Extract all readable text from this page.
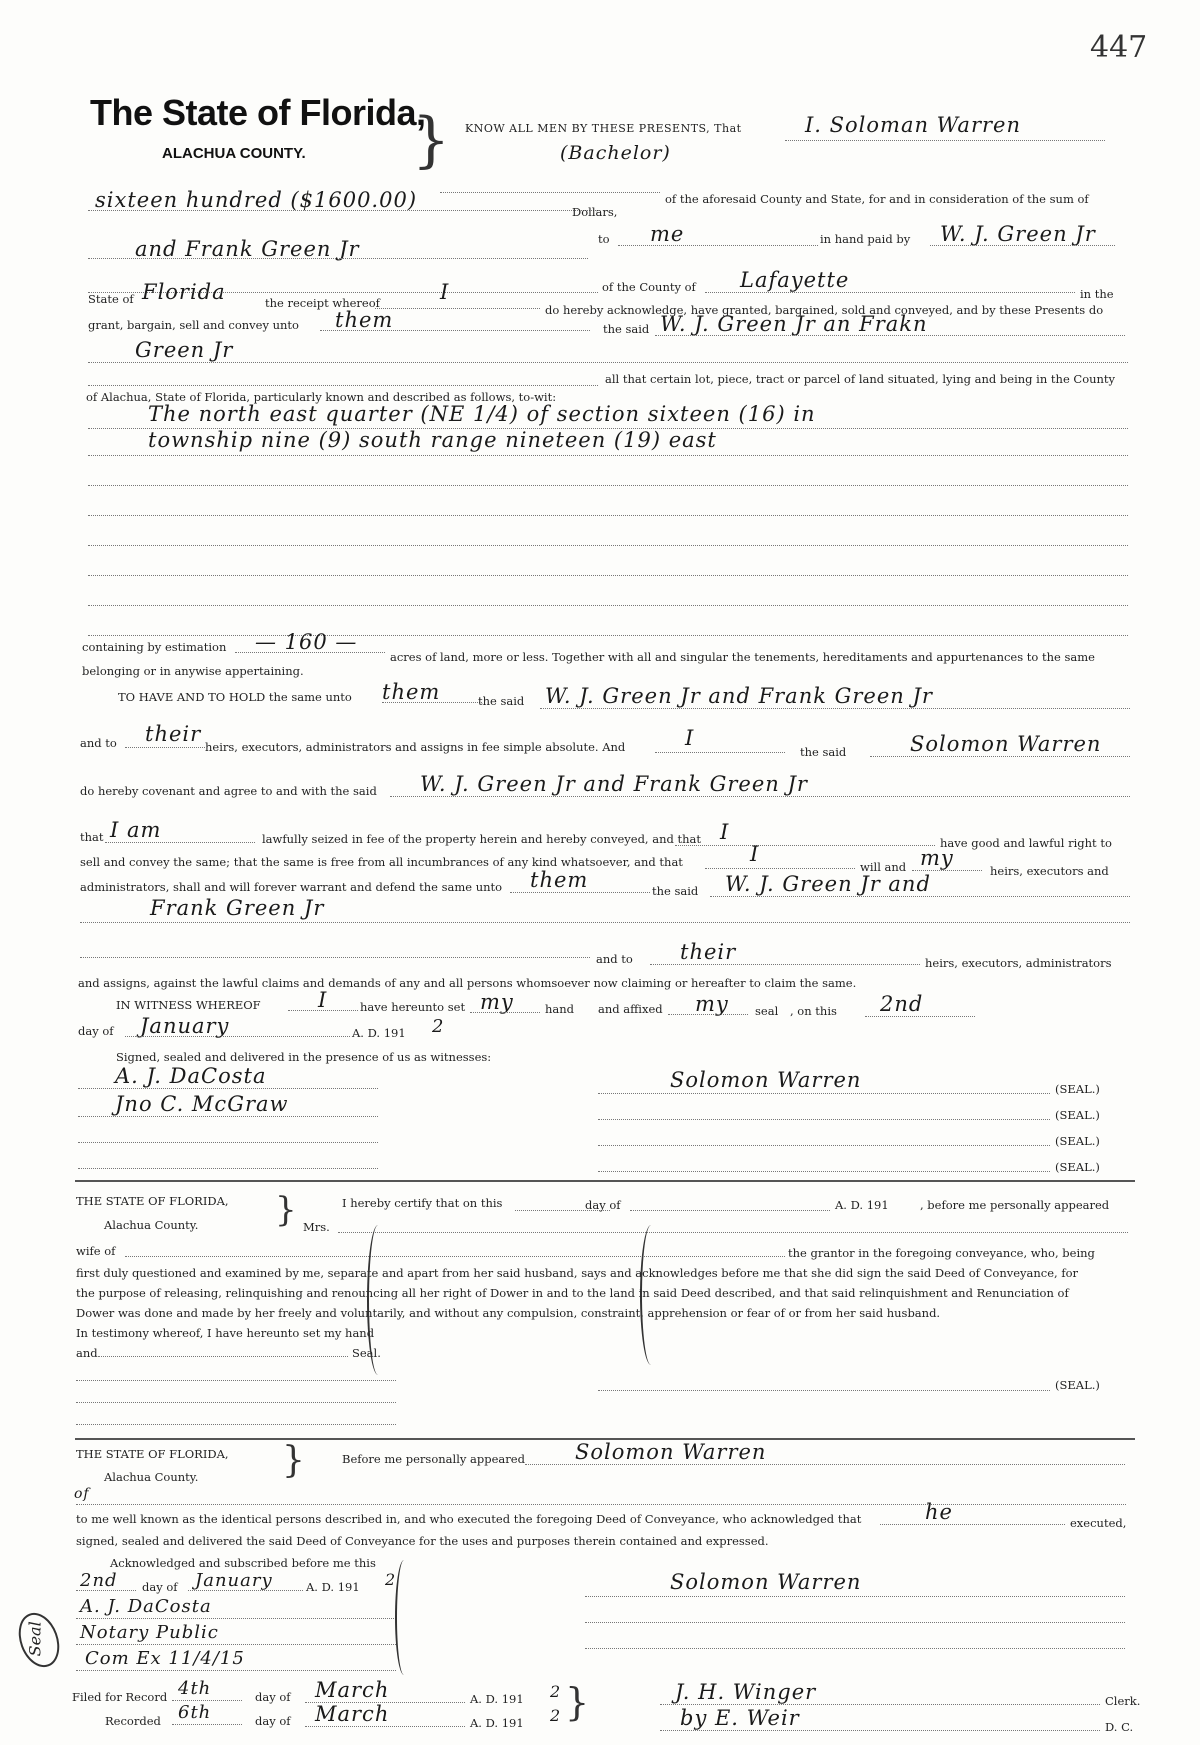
447
The State of Florida,
ALACHUA COUNTY. } KNOW ALL MEN BY THESE PRESENTS, That	I. Soloman Warren
(Bachelor)
sixteen hundred ($1600.00)	of the aforesaid County and State, for and in consideration of the sum of
Dollars,
and Frank Green Jr	to me	in hand paid by W. J. Green Jr
of the County of Lafayette
in the
State of Florida	the receipt whereof	I
do hereby acknowledge, have granted, bargained, sold and conveyed, and by these Presents do
grant, bargain, sell and convey unto them	the said W. J. Green Jr an Frakn
Green Jr
all that certain lot, piece, tract or parcel of land situated, lying and being in the County
of Alachua, State of Florida, particularly known and described as follows, to-wit:
The north east quarter (NE 1/4) of section sixteen (16) in
township nine (9) south range nineteen (19) east
containing by estimation — 160 —
acres of land, more or less. Together with all and singular the tenements, hereditaments and appurtenances to the same
belonging or in anywise appertaining.
TO HAVE AND TO HOLD the same unto them	the said W. J. Green Jr and Frank Green Jr
and to their
heirs, executors, administrators and assigns in fee simple absolute. And	I
the said	Solomon Warren
do hereby covenant and agree to and with the said W. J. Green Jr and Frank Green Jr
that I am	lawfully seized in fee of the property herein and hereby conveyed, and that I	have good and lawful right to
sell and convey the same; that the same is free from all incumbrances of any kind whatsoever, and that	I
will and my
heirs, executors and
administrators, shall and will forever warrant and defend the same unto them	the said W. J. Green Jr and
Frank Green Jr
and to their	heirs, executors, administrators
and assigns, against the lawful claims and demands of any and all persons whomsoever now claiming or hereafter to claim the same.
IN WITNESS WHEREOF	I	have hereunto set my	hand and affixed my seal , on this 2nd
day of January	A. D. 191 2
Signed, sealed and delivered in the presence of us as witnesses:
A. J. DaCosta
Jno C. McGraw
Solomon Warren	(SEAL.)
(SEAL.)
(SEAL.)
(SEAL.)
THE STATE OF FLORIDA,
Alachua County. }	I hereby certify that on this	day of	A. D. 191	, before me personally appeared
Mrs.
wife of	the grantor in the foregoing conveyance, who, being
first duly questioned and examined by me, separate and apart from her said husband, says and acknowledges before me that she did sign the said Deed of Conveyance, for
the purpose of releasing, relinquishing and renouncing all her right of Dower in and to the land in said Deed described, and that said relinquishment and Renunciation of
Dower was done and made by her freely and voluntarily, and without any compulsion, constraint, apprehension or fear of or from her said husband.
In testimony whereof, I have hereunto set my hand
and	Seal.
(SEAL.)
THE STATE OF FLORIDA,
Alachua County. }	Before me personally appeared Solomon Warren
of
to me well known as the identical persons described in, and who executed the foregoing Deed of Conveyance, who acknowledged that	he	executed,
signed, sealed and delivered the said Deed of Conveyance for the uses and purposes therein contained and expressed.
Acknowledged and subscribed before me this
2nd day of January	A. D. 191 2
A. J. DaCosta
Notary Public
Com Ex 11/4/15
Seal
Solomon Warren
Filed for Record 4th	day of March	A. D. 191 2
Recorded 6th	day of March	A. D. 191 2 }	J. H. Winger	Clerk.
by E. Weir	D. C.
